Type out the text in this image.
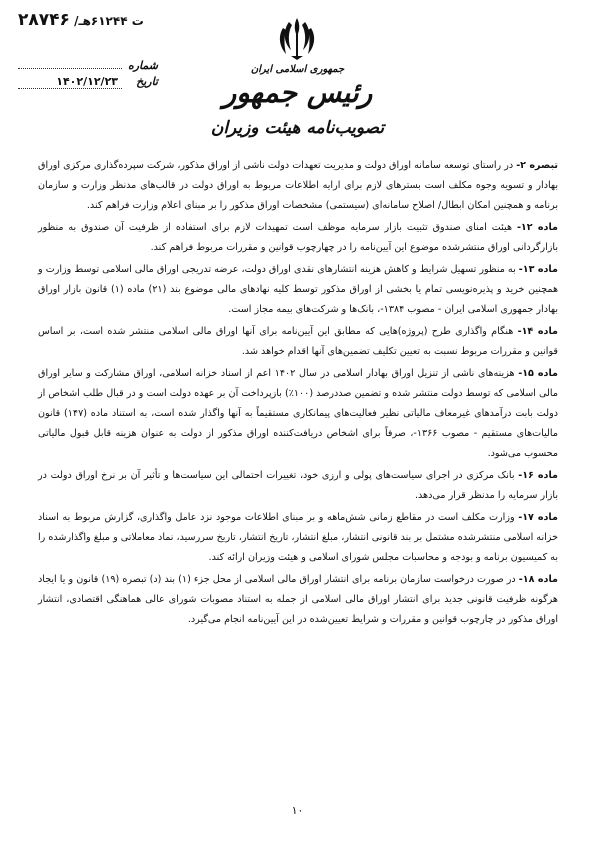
۲۸۷۴۶ /ت ۶۱۲۴۴هـ
شماره
تاریخ
۱۴۰۲/۱۲/۲۳
جمهوری اسلامی ایران
رئیس جمهور
تصویب‌نامه هیئت وزیران

تبصره ۲- در راستای توسعه سامانه اوراق دولت و مدیریت تعهدات دولت ناشی از اوراق مذکور، شرکت سپرده‌گذاری مرکزی اوراق بهادار و تسویه وجوه مکلف است بسترهای لازم برای ارایه اطلاعات مربوط به اوراق دولت در قالب‌های مدنظر وزارت و سازمان برنامه و همچنین امکان ابطال/ اصلاح سامانه‌ای (سیستمی) مشخصات اوراق مذکور را بر مبنای اعلام وزارت فراهم کند.

ماده ۱۲- هیئت امنای صندوق تثبیت بازار سرمایه موظف است تمهیدات لازم برای استفاده از ظرفیت آن صندوق به منظور بازارگردانی اوراق منتشرشده موضوع این آیین‌نامه را در چهارچوب قوانین و مقررات مربوط فراهم کند.

ماده ۱۳- به منظور تسهیل شرایط و کاهش هزینه انتشارهای نقدی اوراق دولت، عرضه تدریجی اوراق مالی اسلامی توسط وزارت و همچنین خرید و پذیره‌نویسی تمام یا بخشی از اوراق مذکور توسط کلیه نهادهای مالی موضوع بند (۲۱) ماده (۱) قانون بازار اوراق بهادار جمهوری اسلامی ایران - مصوب ۱۳۸۴-، بانک‌ها و شرکت‌های بیمه مجاز است.

ماده ۱۴- هنگام واگذاری طرح (پروژه)هایی که مطابق این آیین‌نامه برای آنها اوراق مالی اسلامی منتشر شده است، بر اساس قوانین و مقررات مربوط نسبت به تعیین تکلیف تضمین‌های آنها اقدام خواهد شد.

ماده ۱۵- هزینه‌های ناشی از تنزیل اوراق بهادار اسلامی در سال ۱۴۰۲ اعم از اسناد خزانه اسلامی، اوراق مشارکت و سایر اوراق مالی اسلامی که توسط دولت منتشر شده و تضمین صددرصد (۱۰۰٪) بازپرداخت آن بر عهده دولت است و در قبال طلب اشخاص از دولت بابت درآمدهای غیرمعاف مالیاتی نظیر فعالیت‌های پیمانکاری مستقیماً به آنها واگذار شده است، به استناد ماده (۱۴۷) قانون مالیات‌های مستقیم - مصوب ۱۳۶۶-، صرفاً برای اشخاص دریافت‌کننده اوراق مذکور از دولت به عنوان هزینه قابل قبول مالیاتی محسوب می‌شود.

ماده ۱۶- بانک مرکزی در اجرای سیاست‌های پولی و ارزی خود، تغییرات احتمالی این سیاست‌ها و تأثیر آن بر نرخ اوراق دولت در بازار سرمایه را مدنظر قرار می‌دهد.

ماده ۱۷- وزارت مکلف است در مقاطع زمانی شش‌ماهه و بر مبنای اطلاعات موجود نزد عامل واگذاری، گزارش مربوط به اسناد خزانه اسلامی منتشرشده مشتمل بر بند قانونی انتشار، مبلغ انتشار، تاریخ انتشار، تاریخ سررسید، نماد معاملاتی و مبلغ واگذارشده را به کمیسیون برنامه و بودجه و محاسبات مجلس شورای اسلامی و هیئت وزیران ارائه کند.

ماده ۱۸- در صورت درخواست سازمان برنامه برای انتشار اوراق مالی اسلامی از محل جزء (۱) بند (د) تبصره (۱۹) قانون و یا ایجاد هرگونه ظرفیت قانونی جدید برای انتشار اوراق مالی اسلامی از جمله به استناد مصوبات شورای عالی هماهنگی اقتصادی، انتشار اوراق مذکور در چارچوب قوانین و مقررات و شرایط تعیین‌شده در این آیین‌نامه انجام می‌گیرد.

۱۰
